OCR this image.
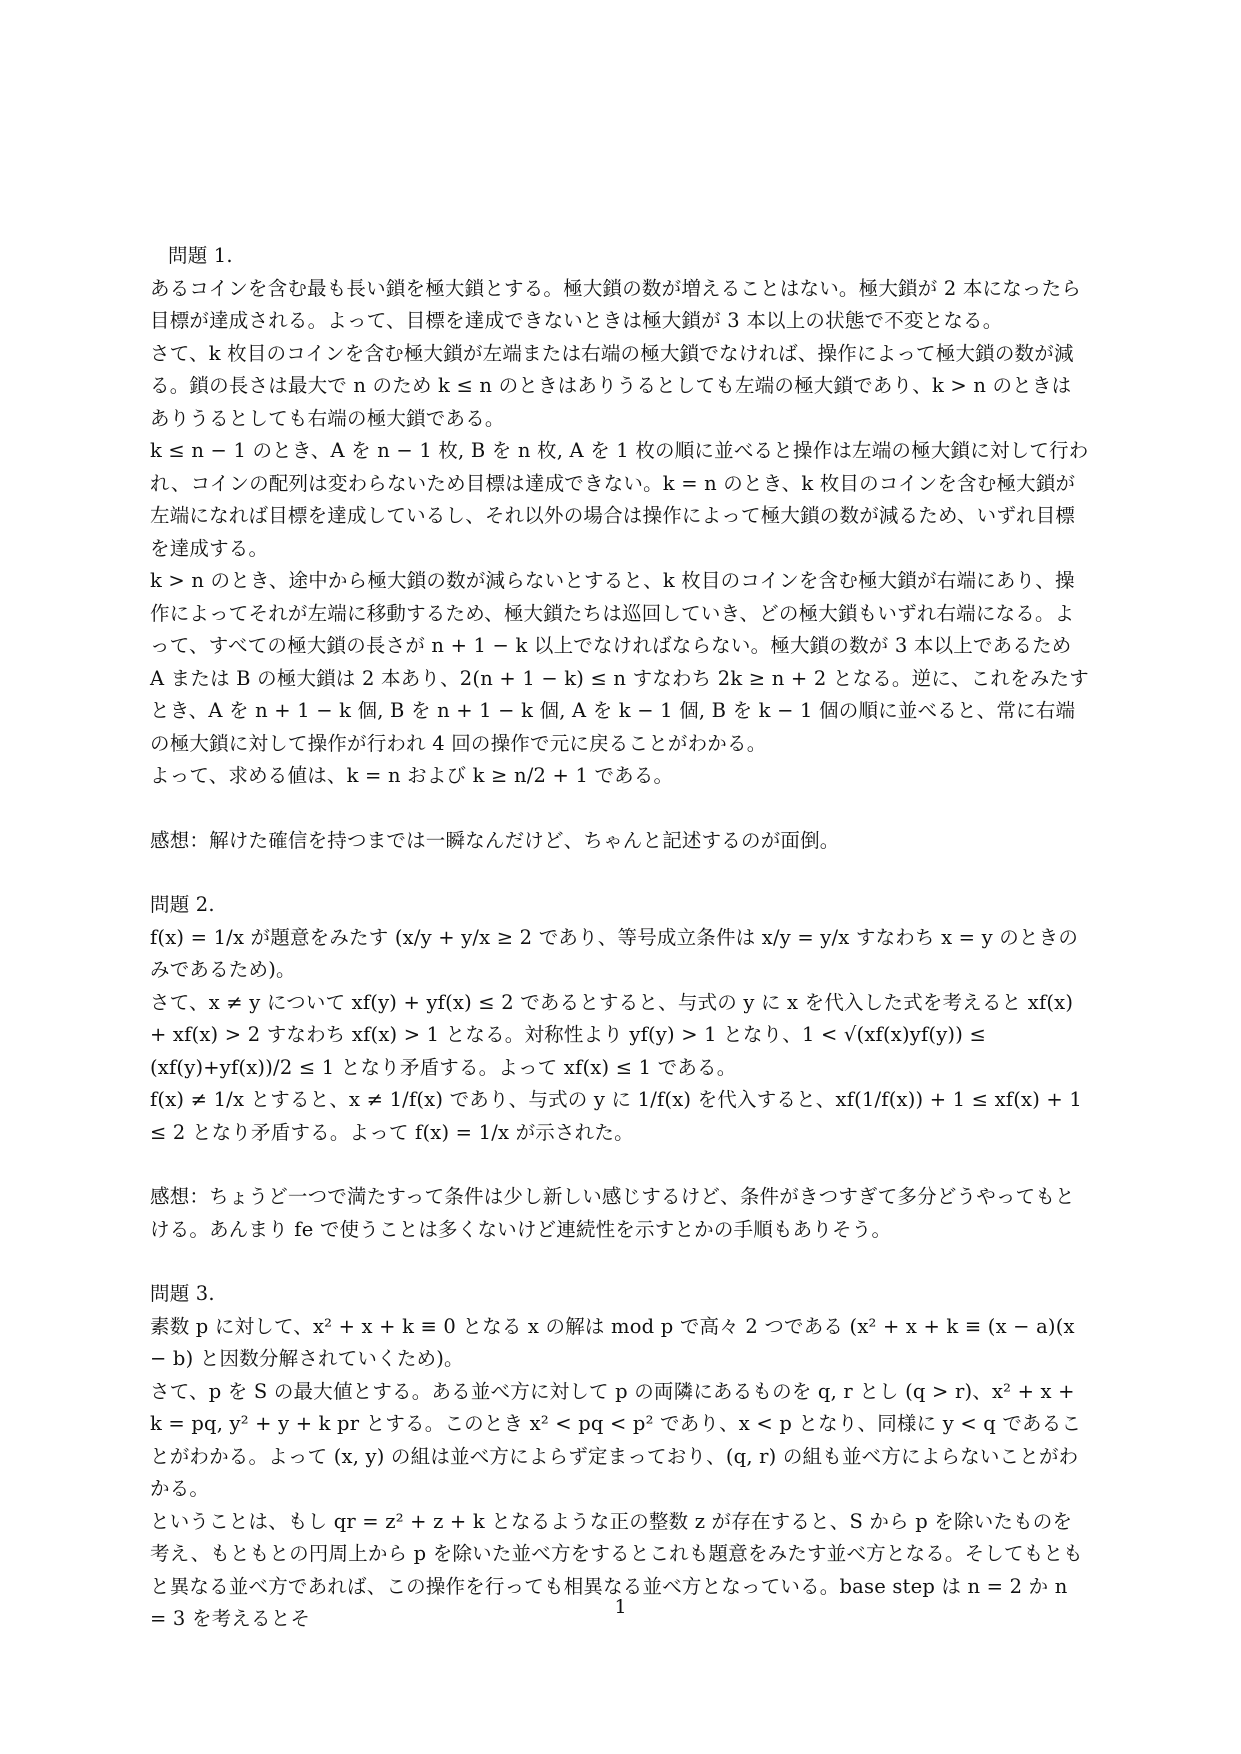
問題 1.

あるコインを含む最も長い鎖を極大鎖とする。極大鎖の数が増えることはない。極大鎖が 2 本になったら目標が達成される。よって、目標を達成できないときは極大鎖が 3 本以上の状態で不変となる。

さて、k 枚目のコインを含む極大鎖が左端または右端の極大鎖でなければ、操作によって極大鎖の数が減る。鎖の長さは最大で n のため k ≤ n のときはありうるとしても左端の極大鎖であり、k > n のときはありうるとしても右端の極大鎖である。

k ≤ n − 1 のとき、A を n − 1 枚, B を n 枚, A を 1 枚の順に並べると操作は左端の極大鎖に対して行われ、コインの配列は変わらないため目標は達成できない。k = n のとき、k 枚目のコインを含む極大鎖が左端になれば目標を達成しているし、それ以外の場合は操作によって極大鎖の数が減るため、いずれ目標を達成する。

k > n のとき、途中から極大鎖の数が減らないとすると、k 枚目のコインを含む極大鎖が右端にあり、操作によってそれが左端に移動するため、極大鎖たちは巡回していき、どの極大鎖もいずれ右端になる。よって、すべての極大鎖の長さが n + 1 − k 以上でなければならない。極大鎖の数が 3 本以上であるため A または B の極大鎖は 2 本あり、2(n + 1 − k) ≤ n すなわち 2k ≥ n + 2 となる。逆に、これをみたすとき、A を n + 1 − k 個, B を n + 1 − k 個, A を k − 1 個, B を k − 1 個の順に並べると、常に右端の極大鎖に対して操作が行われ 4 回の操作で元に戻ることがわかる。

よって、求める値は、k = n および k ≥ n/2 + 1 である。

感想：解けた確信を持つまでは一瞬なんだけど、ちゃんと記述するのが面倒。

問題 2.

f(x) = 1/x が題意をみたす (x/y + y/x ≥ 2 であり、等号成立条件は x/y = y/x すなわち x = y のときのみであるため)。

さて、x ≠ y について xf(y) + yf(x) ≤ 2 であるとすると、与式の y に x を代入した式を考えると xf(x) + xf(x) > 2 すなわち xf(x) > 1 となる。対称性より yf(y) > 1 となり、1 < √(xf(x)yf(y)) ≤ (xf(y)+yf(x))/2 ≤ 1 となり矛盾する。よって xf(x) ≤ 1 である。

f(x) ≠ 1/x とすると、x ≠ 1/f(x) であり、与式の y に 1/f(x) を代入すると、xf(1/f(x)) + 1 ≤ xf(x) + 1 ≤ 2 となり矛盾する。よって f(x) = 1/x が示された。

感想：ちょうど一つで満たすって条件は少し新しい感じするけど、条件がきつすぎて多分どうやってもとける。あんまり fe で使うことは多くないけど連続性を示すとかの手順もありそう。

問題 3.

素数 p に対して、x² + x + k ≡ 0 となる x の解は mod p で高々 2 つである (x² + x + k ≡ (x − a)(x − b) と因数分解されていくため)。

さて、p を S の最大値とする。ある並べ方に対して p の両隣にあるものを q, r とし (q > r)、x² + x + k = pq, y² + y + k pr とする。このとき x² < pq < p² であり、x < p となり、同様に y < q であることがわかる。よって (x, y) の組は並べ方によらず定まっており、(q, r) の組も並べ方によらないことがわかる。

ということは、もし qr = z² + z + k となるような正の整数 z が存在すると、S から p を除いたものを考え、もともとの円周上から p を除いた並べ方をするとこれも題意をみたす並べ方となる。そしてもともと異なる並べ方であれば、この操作を行っても相異なる並べ方となっている。base step は n = 2 か n = 3 を考えるとそ	1
